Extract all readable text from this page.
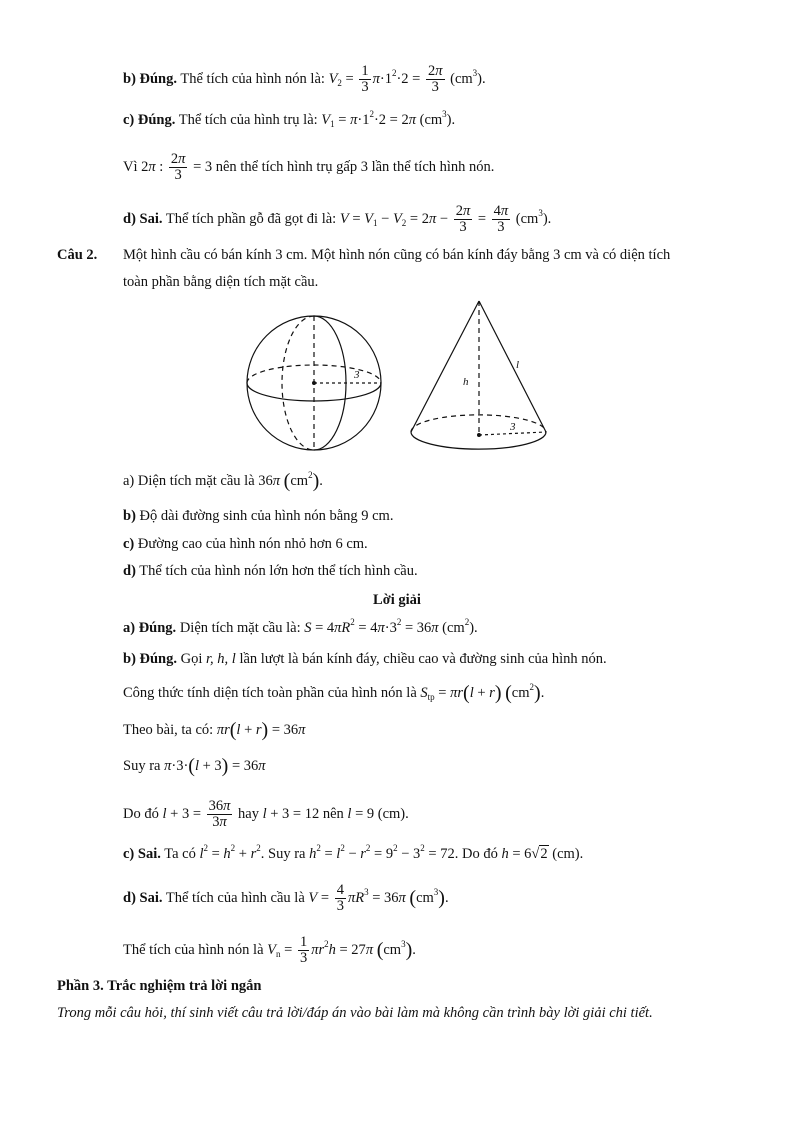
b) Đúng. Thể tích của hình nón là: $V_2 = \frac{1}{3} \pi\cdot 1^2\cdot 2 = \frac{2\pi}{3} (cm^3)$.
c) Đúng. Thể tích của hình trụ là: $V_1 = \pi\cdot 1^2\cdot 2 = 2\pi$ $(cm^3)$.
Vì 2π : $\frac{2\pi}{3} = 3$ nên thể tích hình trụ gấp 3 lần thể tích hình nón.
d) Sai. Thể tích phần gỗ đã gọt đi là: $V = V_1 - V_2 = 2\pi - \frac{2\pi}{3} = \frac{4\pi}{3} (cm^3)$.
Câu 2. Một hình cầu có bán kính 3 cm. Một hình nón cũng có bán kính đáy bằng 3 cm và có diện tích
toàn phần bằng diện tích mặt cầu.
3
h
l
3
a) Diện tích mặt cầu là 36π $(cm^2)$.
b) Độ dài đường sinh của hình nón bằng 9 cm.
c) Đường cao của hình nón nhỏ hơn 6 cm.
d) Thể tích của hình nón lớn hơn thể tích hình cầu.
Lời giải
a) Đúng. Diện tích mặt cầu là: $S = 4\pi R^2 = 4\pi\cdot 3^2 = 36\pi$ $(cm^2)$.
b) Đúng. Gọi r, h, l lần lượt là bán kính đáy, chiều cao và đường sinh của hình nón.
Công thức tính diện tích toàn phần của hình nón là $S_{tp} = \pi r(l + r)$ $(cm^2)$.
Theo bài, ta có: πr(l + r) = 36π
Suy ra π·3·(l + 3) = 36π
Do đó $l + 3 = \frac{36\pi}{3\pi}$ hay l + 3 = 12 nên l = 9 (cm).
c) Sai. Ta có $l^2 = h^2 + r^2$. Suy ra $h^2 = l^2 - r^2 = 9^2 - 3^2 = 72$. Do đó h = 6√2 (cm).
d) Sai. Thể tích của hình cầu là $V = \frac{4}{3} \pi R^3 = 36\pi$ $(cm^3)$.
Thể tích của hình nón là $V_n = \frac{1}{3} \pi r^2h = 27\pi$ $(cm^3)$.
Phần 3. Trắc nghiệm trả lời ngắn
Trong mỗi câu hỏi, thí sinh viết câu trả lời/đáp án vào bài làm mà không cần trình bày lời giải chi tiết.
